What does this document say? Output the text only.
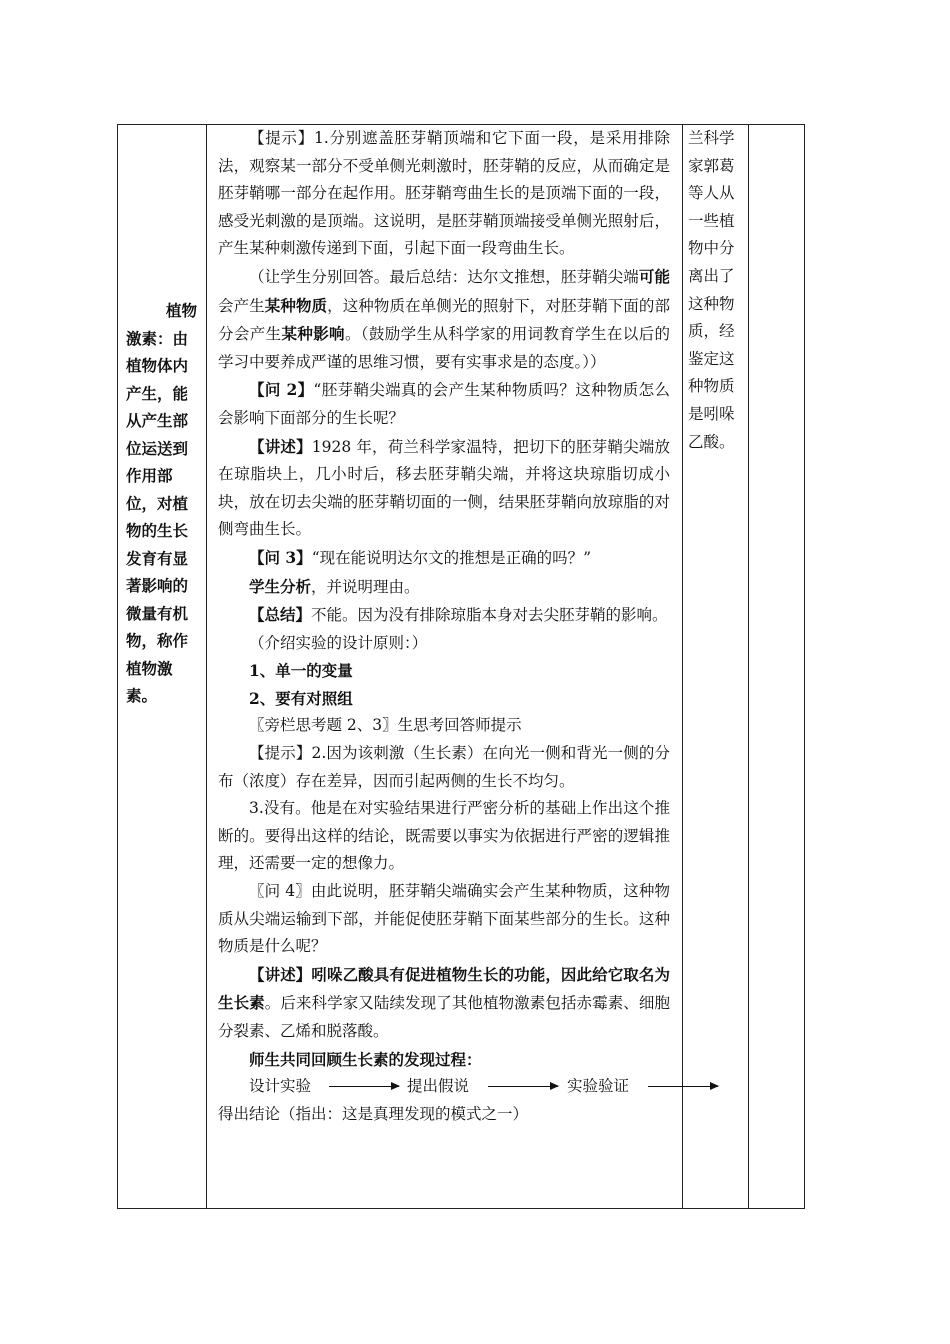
植物
激素：由
植物体内
产生，能
从产生部
位运送到
作用部
位，对植
物的生长
发育有显
著影响的
微量有机
物，称作
植物激
素。

【提示】1.分别遮盖胚芽鞘顶端和它下面一段，是采用排除法，观察某一部分不受单侧光刺激时，胚芽鞘的反应，从而确定是胚芽鞘哪一部分在起作用。胚芽鞘弯曲生长的是顶端下面的一段，感受光刺激的是顶端。这说明，是胚芽鞘顶端接受单侧光照射后，产生某种刺激传递到下面，引起下面一段弯曲生长。

（让学生分别回答。最后总结：达尔文推想，胚芽鞘尖端可能会产生某种物质，这种物质在单侧光的照射下，对胚芽鞘下面的部分会产生某种影响。（鼓励学生从科学家的用词教育学生在以后的学习中要养成严谨的思维习惯，要有实事求是的态度。））

【问 2】“胚芽鞘尖端真的会产生某种物质吗？这种物质怎么会影响下面部分的生长呢？

【讲述】1928 年，荷兰科学家温特，把切下的胚芽鞘尖端放在琼脂块上，几小时后，移去胚芽鞘尖端，并将这块琼脂切成小块，放在切去尖端的胚芽鞘切面的一侧，结果胚芽鞘向放琼脂的对侧弯曲生长。

【问 3】“现在能说明达尔文的推想是正确的吗？”

学生分析，并说明理由。

【总结】不能。因为没有排除琼脂本身对去尖胚芽鞘的影响。

（介绍实验的设计原则：）

1、单一的变量

2、要有对照组

〖旁栏思考题 2、3〗生思考回答师提示

【提示】2.因为该刺激（生长素）在向光一侧和背光一侧的分布（浓度）存在差异，因而引起两侧的生长不均匀。

3.没有。他是在对实验结果进行严密分析的基础上作出这个推断的。要得出这样的结论，既需要以事实为依据进行严密的逻辑推理，还需要一定的想像力。

〖问 4〗由此说明，胚芽鞘尖端确实会产生某种物质，这种物质从尖端运输到下部，并能促使胚芽鞘下面某些部分的生长。这种物质是什么呢？

【讲述】吲哚乙酸具有促进植物生长的功能，因此给它取名为生长素。后来科学家又陆续发现了其他植物激素包括赤霉素、细胞分裂素、乙烯和脱落酸。

师生共同回顾生长素的发现过程：

设计实验	提出假说	实验验证

得出结论（指出：这是真理发现的模式之一）

兰科学
家郭葛
等人从
一些植
物中分
离出了
这种物
质，经
鉴定这
种物质
是吲哚
乙酸。
